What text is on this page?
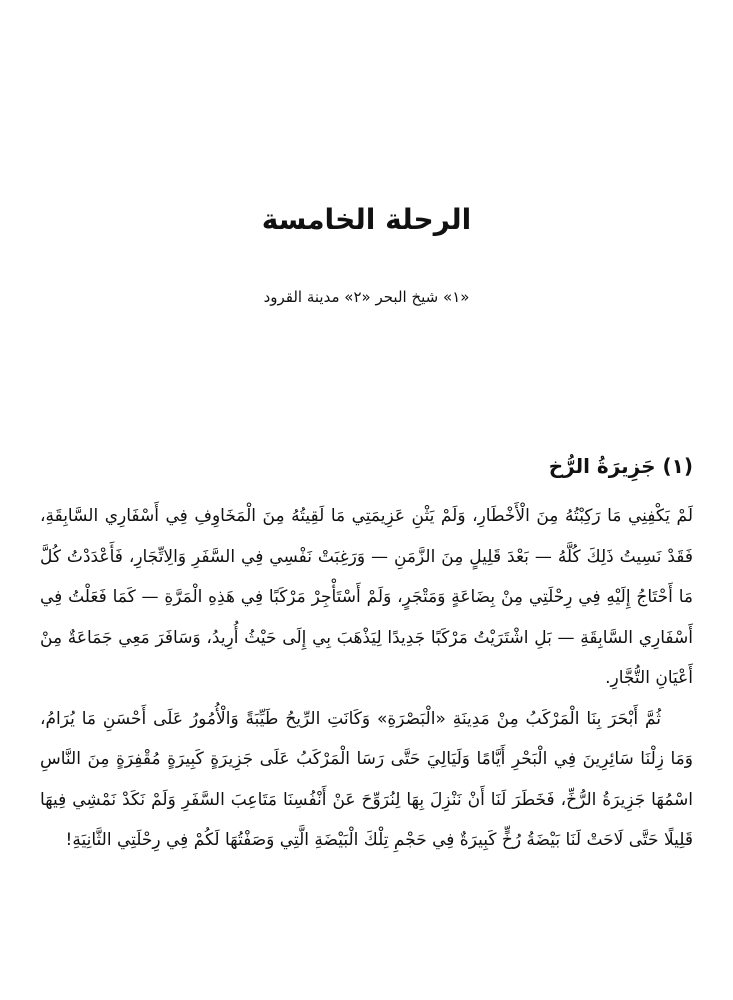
الرحلة الخامسة
«١» شيخ البحر «٢» مدينة القرود
(١) جَزِيرَةُ الرُّخ

لَمْ يَكْفِنِي مَا رَكِبْتُهُ مِنَ الْأَخْطَارِ، وَلَمْ يَثْنِ عَزِيمَتِي مَا لَقِيتُهُ مِنَ الْمَخَاوِفِ فِي أَسْفَارِي السَّابِقَةِ، فَقَدْ نَسِيتُ ذَلِكَ كُلَّهُ — بَعْدَ قَلِيلٍ مِنَ الزَّمَنِ — وَرَغِبَتْ نَفْسِي فِي السَّفَرِ وَالِاتِّجَارِ، فَأَعْدَدْتُ كُلَّ مَا أَحْتَاجُ إِلَيْهِ فِي رِحْلَتِي مِنْ بِضَاعَةٍ وَمَتْجَرٍ، وَلَمْ أَسْتَأْجِرْ مَرْكَبًا فِي هَذِهِ الْمَرَّةِ — كَمَا فَعَلْتُ فِي أَسْفَارِي السَّابِقَةِ — بَلِ اشْتَرَيْتُ مَرْكَبًا جَدِيدًا لِيَذْهَبَ بِي إِلَى حَيْثُ أُرِيدُ، وَسَافَرَ مَعِي جَمَاعَةٌ مِنْ أَعْيَانِ التُّجَّارِ.

ثُمَّ أَبْحَرَ بِنَا الْمَرْكَبُ مِنْ مَدِينَةِ «الْبَصْرَةِ» وَكَانَتِ الرِّيحُ طَيِّبَةً وَالْأُمُورُ عَلَى أَحْسَنِ مَا يُرَامُ، وَمَا زِلْنَا سَائِرِينَ فِي الْبَحْرِ أَيَّامًا وَلَيَالِيَ حَتَّى رَسَا الْمَرْكَبُ عَلَى جَزِيرَةٍ كَبِيرَةٍ مُقْفِرَةٍ مِنَ النَّاسِ اسْمُهَا جَزِيرَةُ الرُّخِّ، فَخَطَرَ لَنَا أَنْ نَنْزِلَ بِهَا لِنُرَوِّحَ عَنْ أَنْفُسِنَا مَتَاعِبَ السَّفَرِ وَلَمْ نَكَدْ نَمْشِي فِيهَا قَلِيلًا حَتَّى لَاحَتْ لَنَا بَيْضَةُ رُخٍّ كَبِيرَةٌ فِي حَجْمِ تِلْكَ الْبَيْضَةِ الَّتِي وَصَفْتُهَا لَكُمْ فِي رِحْلَتِي الثَّانِيَةِ!
